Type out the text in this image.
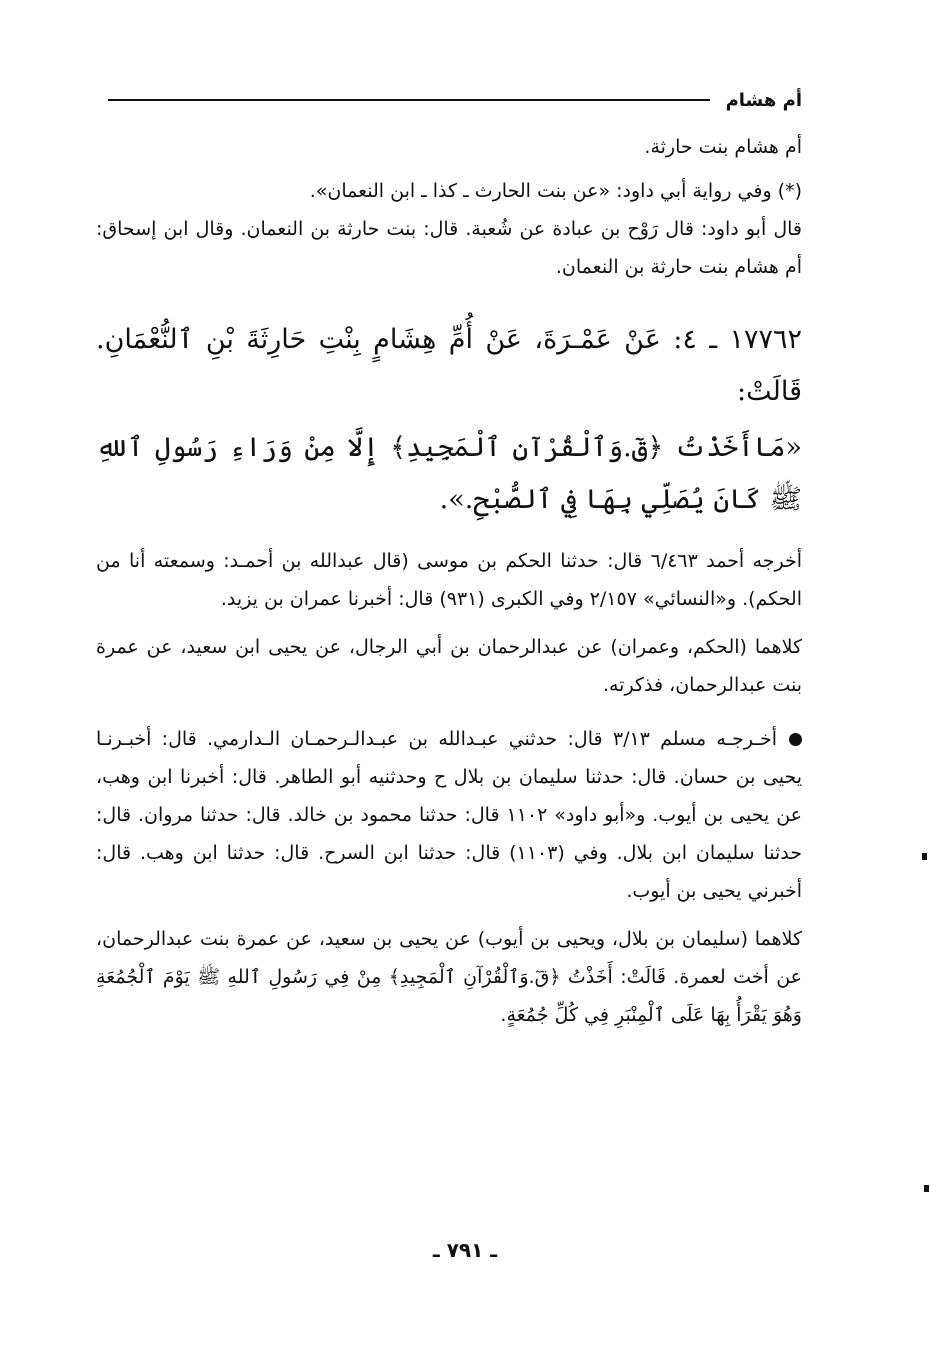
أم هشام

أم هشام بنت حارثة.

(*) وفي رواية أبي داود: «عن بنت الحارث ـ كذا ـ ابن النعمان».

قال أبو داود: قال رَوْح بن عبادة عن شُعبة. قال: بنت حارثة بن النعمان. وقال ابن إسحاق: أم هشام بنت حارثة بن النعمان.

١٧٧٦٢ ـ ٤: عَنْ عَمْـرَةَ، عَنْ أُمِّ هِشَامٍ بِنْتِ حَارِثَةَ بْنِ ٱلنُّعْمَانِ. قَالَتْ:

«مَاأَخَذْتُ ﴿قٓ.وَٱلْقُرْآنِ ٱلْمَجِيدِ﴾ إِلَّا مِنْ وَرَاءِ رَسُولِ ٱللهِ ﷺ كَانَ يُصَلِّي بِهَا فِي ٱلصُّبْحِ.».

أخرجه أحمد ٦/٤٦٣ قال: حدثنا الحكم بن موسى (قال عبدالله بن أحمـد: وسمعته أنا من الحكم). و«النسائي» ٢/١٥٧ وفي الكبرى (٩٣١) قال: أخبرنا عمران بن يزيد.

كلاهما (الحكم، وعمران) عن عبدالرحمان بن أبي الرجال، عن يحيى ابن سعيد، عن عمرة بنت عبدالرحمان، فذكرته.

أخـرجـه مسلم ٣/١٣ قال: حدثني عبـدالله بن عبـدالـرحمـان الـدارمي. قال: أخبـرنـا يحيى بن حسان. قال: حدثنا سليمان بن بلال ح وحدثنيه أبو الطاهر. قال: أخبرنا ابن وهب، عن يحيى بن أيوب. و«أبو داود» ١١٠٢ قال: حدثنا محمود بن خالد. قال: حدثنا مروان. قال: حدثنا سليمان ابن بلال. وفي (١١٠٣) قال: حدثنا ابن السرح. قال: حدثنا ابن وهب. قال: أخبرني يحيى بن أيوب.

كلاهما (سليمان بن بلال، ويحيى بن أيوب) عن يحيى بن سعيد، عن عمرة بنت عبدالرحمان، عن أخت لعمرة. قَالَتْ: أَخَذْتُ ﴿قٓ.وَٱلْقُرْآنِ ٱلْمَجِيدِ﴾ مِنْ فِي رَسُولِ ٱللهِ ﷺ يَوْمَ ٱلْجُمُعَةِ وَهُوَ يَقْرَأُ بِهَا عَلَى ٱلْمِنْبَرِ فِي كُلِّ جُمُعَةٍ.

ـ ٧٩١ ـ
